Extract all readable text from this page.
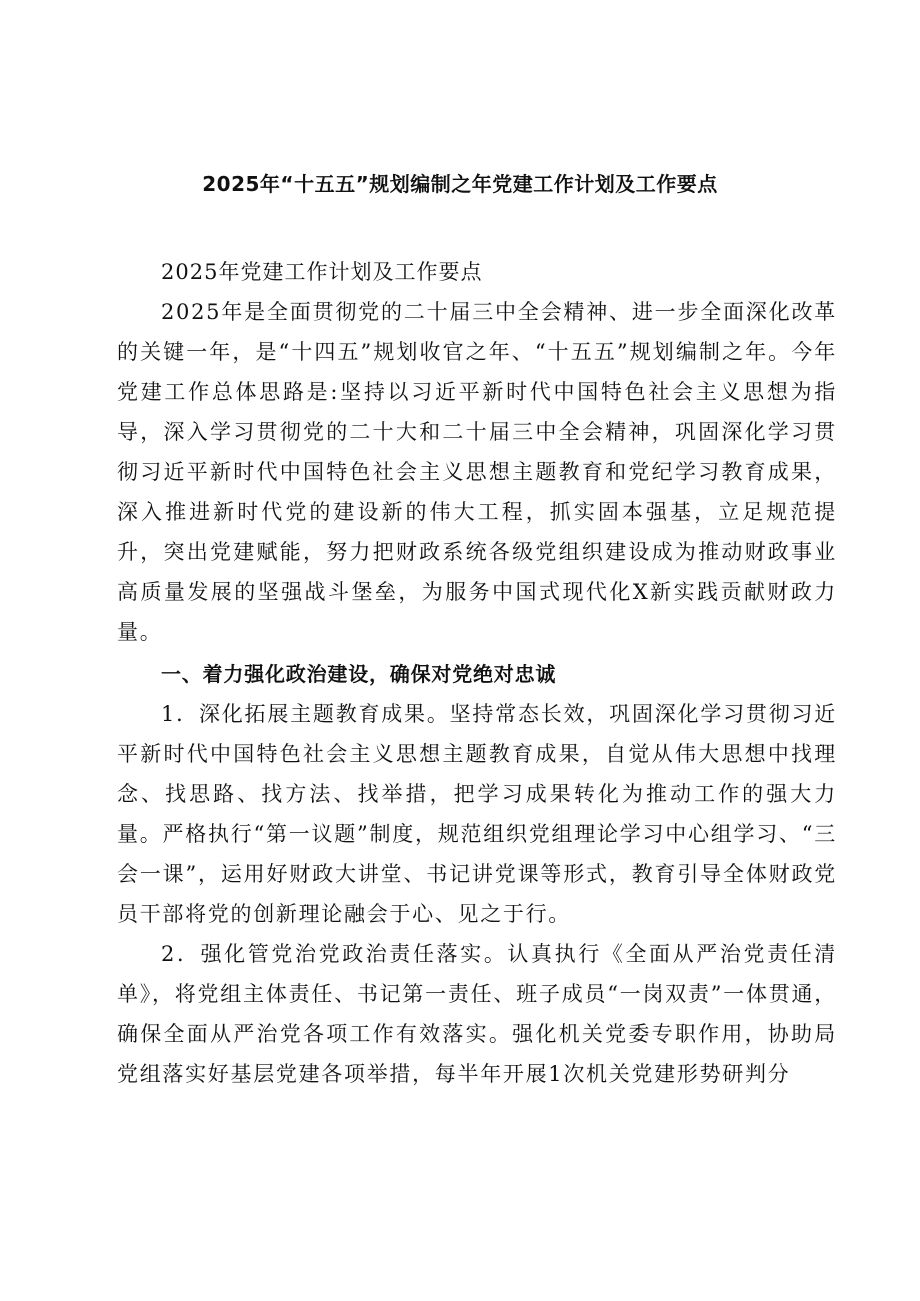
2025年“十五五”规划编制之年党建工作计划及工作要点

2025年党建工作计划及工作要点

2025年是全面贯彻党的二十届三中全会精神、进一步全面深化改革的关键一年，是“十四五”规划收官之年、“十五五”规划编制之年。今年党建工作总体思路是:坚持以习近平新时代中国特色社会主义思想为指导，深入学习贯彻党的二十大和二十届三中全会精神，巩固深化学习贯彻习近平新时代中国特色社会主义思想主题教育和党纪学习教育成果，深入推进新时代党的建设新的伟大工程，抓实固本强基，立足规范提升，突出党建赋能，努力把财政系统各级党组织建设成为推动财政事业高质量发展的坚强战斗堡垒，为服务中国式现代化X新实践贡献财政力量。

一、着力强化政治建设，确保对党绝对忠诚

1．深化拓展主题教育成果。坚持常态长效，巩固深化学习贯彻习近平新时代中国特色社会主义思想主题教育成果，自觉从伟大思想中找理念、找思路、找方法、找举措，把学习成果转化为推动工作的强大力量。严格执行“第一议题”制度，规范组织党组理论学习中心组学习、“三会一课”，运用好财政大讲堂、书记讲党课等形式，教育引导全体财政党员干部将党的创新理论融会于心、见之于行。

2．强化管党治党政治责任落实。认真执行《全面从严治党责任清单》，将党组主体责任、书记第一责任、班子成员“一岗双责”一体贯通，确保全面从严治党各项工作有效落实。强化机关党委专职作用，协助局党组落实好基层党建各项举措，每半年开展1次机关党建形势研判分
